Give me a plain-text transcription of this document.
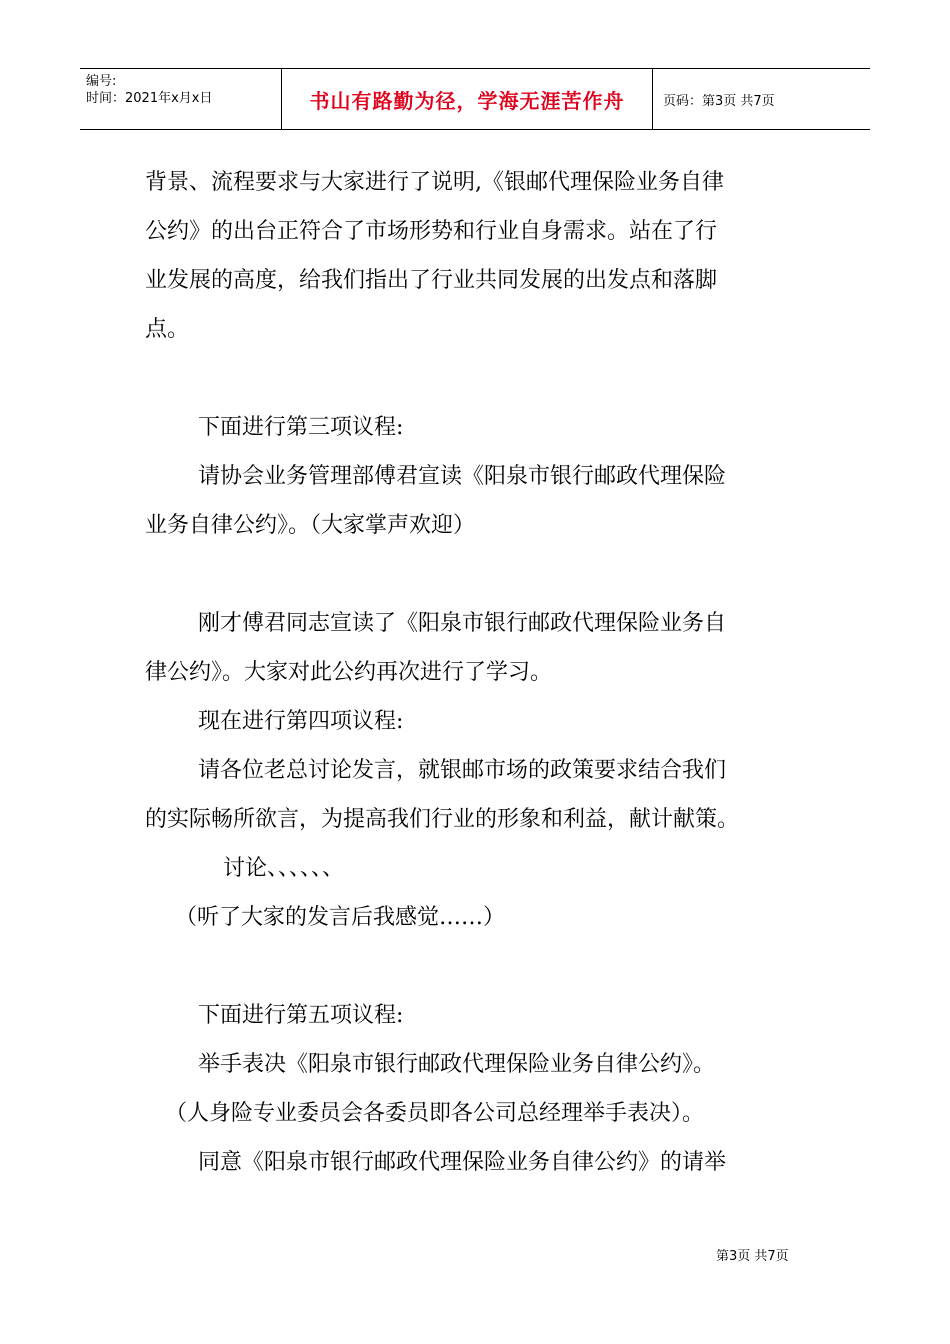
编号:
时间：2021年x月x日	书山有路勤为径，学海无涯苦作舟	页码：第3页 共7页

背景、流程要求与大家进行了说明,《银邮代理保险业务自律

公约》的出台正符合了市场形势和行业自身需求。站在了行

业发展的高度，给我们指出了行业共同发展的出发点和落脚

点。

下面进行第三项议程:

请协会业务管理部傅君宣读《阳泉市银行邮政代理保险

业务自律公约》。（大家掌声欢迎）

刚才傅君同志宣读了《阳泉市银行邮政代理保险业务自

律公约》。大家对此公约再次进行了学习。

现在进行第四项议程:

请各位老总讨论发言，就银邮市场的政策要求结合我们

的实际畅所欲言，为提高我们行业的形象和利益，献计献策。

讨论、、、、、、

（听了大家的发言后我感觉……）

下面进行第五项议程:

举手表决《阳泉市银行邮政代理保险业务自律公约》。

（人身险专业委员会各委员即各公司总经理举手表决）。

同意《阳泉市银行邮政代理保险业务自律公约》的请举

第3页 共7页
